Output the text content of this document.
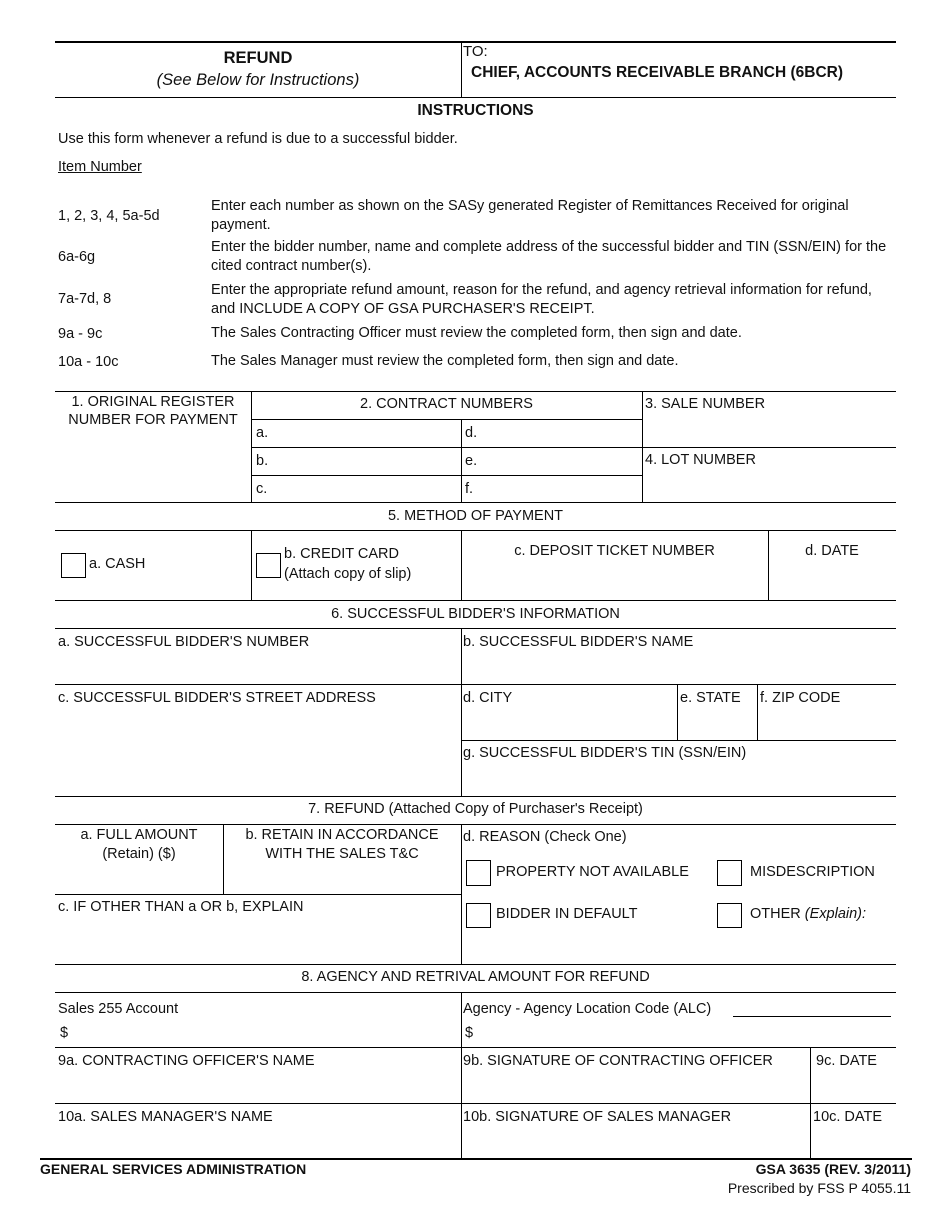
REFUND
(See Below for Instructions)
TO:
CHIEF, ACCOUNTS RECEIVABLE BRANCH (6BCR)
INSTRUCTIONS
Use this form whenever a refund is due to a successful bidder.
Item Number
1, 2, 3, 4, 5a-5d
Enter each number as shown on the SASy generated Register of Remittances Received for original payment.
6a-6g
Enter the bidder number, name and complete address of the successful bidder and TIN (SSN/EIN) for the cited contract number(s).
7a-7d, 8
Enter the appropriate refund amount, reason for the refund, and agency retrieval information for refund, and INCLUDE A COPY OF GSA PURCHASER'S RECEIPT.
9a - 9c	The Sales Contracting Officer must review the completed form, then sign and date.
10a - 10c	The Sales Manager must review the completed form, then sign and date.
1. ORIGINAL REGISTER NUMBER FOR PAYMENT
2. CONTRACT NUMBERS	3. SALE NUMBER
4. LOT NUMBER
a.
b.
c.
d.
e.
f.
5. METHOD OF PAYMENT
a. CASH
b. CREDIT CARD
(Attach copy of slip)
c. DEPOSIT TICKET NUMBER	d. DATE
6. SUCCESSFUL BIDDER'S INFORMATION
a. SUCCESSFUL BIDDER'S NUMBER	b. SUCCESSFUL BIDDER'S NAME
c. SUCCESSFUL BIDDER'S STREET ADDRESS	d. CITY	e. STATE f. ZIP CODE
g. SUCCESSFUL BIDDER'S TIN (SSN/EIN)
7. REFUND (Attached Copy of Purchaser's Receipt)
a. FULL AMOUNT
(Retain) ($)
b. RETAIN IN ACCORDANCE
WITH THE SALES T&C
c. IF OTHER THAN a OR b, EXPLAIN
d. REASON (Check One)
PROPERTY NOT AVAILABLE	MISDESCRIPTION
BIDDER IN DEFAULT	OTHER (Explain):
8. AGENCY AND RETRIVAL AMOUNT FOR REFUND
Sales 255 Account
$
Agency - Agency Location Code (ALC)
$
9a. CONTRACTING OFFICER'S NAME	9b. SIGNATURE OF CONTRACTING OFFICER	9c. DATE
10a. SALES MANAGER'S NAME	10b. SIGNATURE OF SALES MANAGER	10c. DATE
GENERAL SERVICES ADMINISTRATION	GSA 3635 (REV. 3/2011)
Prescribed by FSS P 4055.11
